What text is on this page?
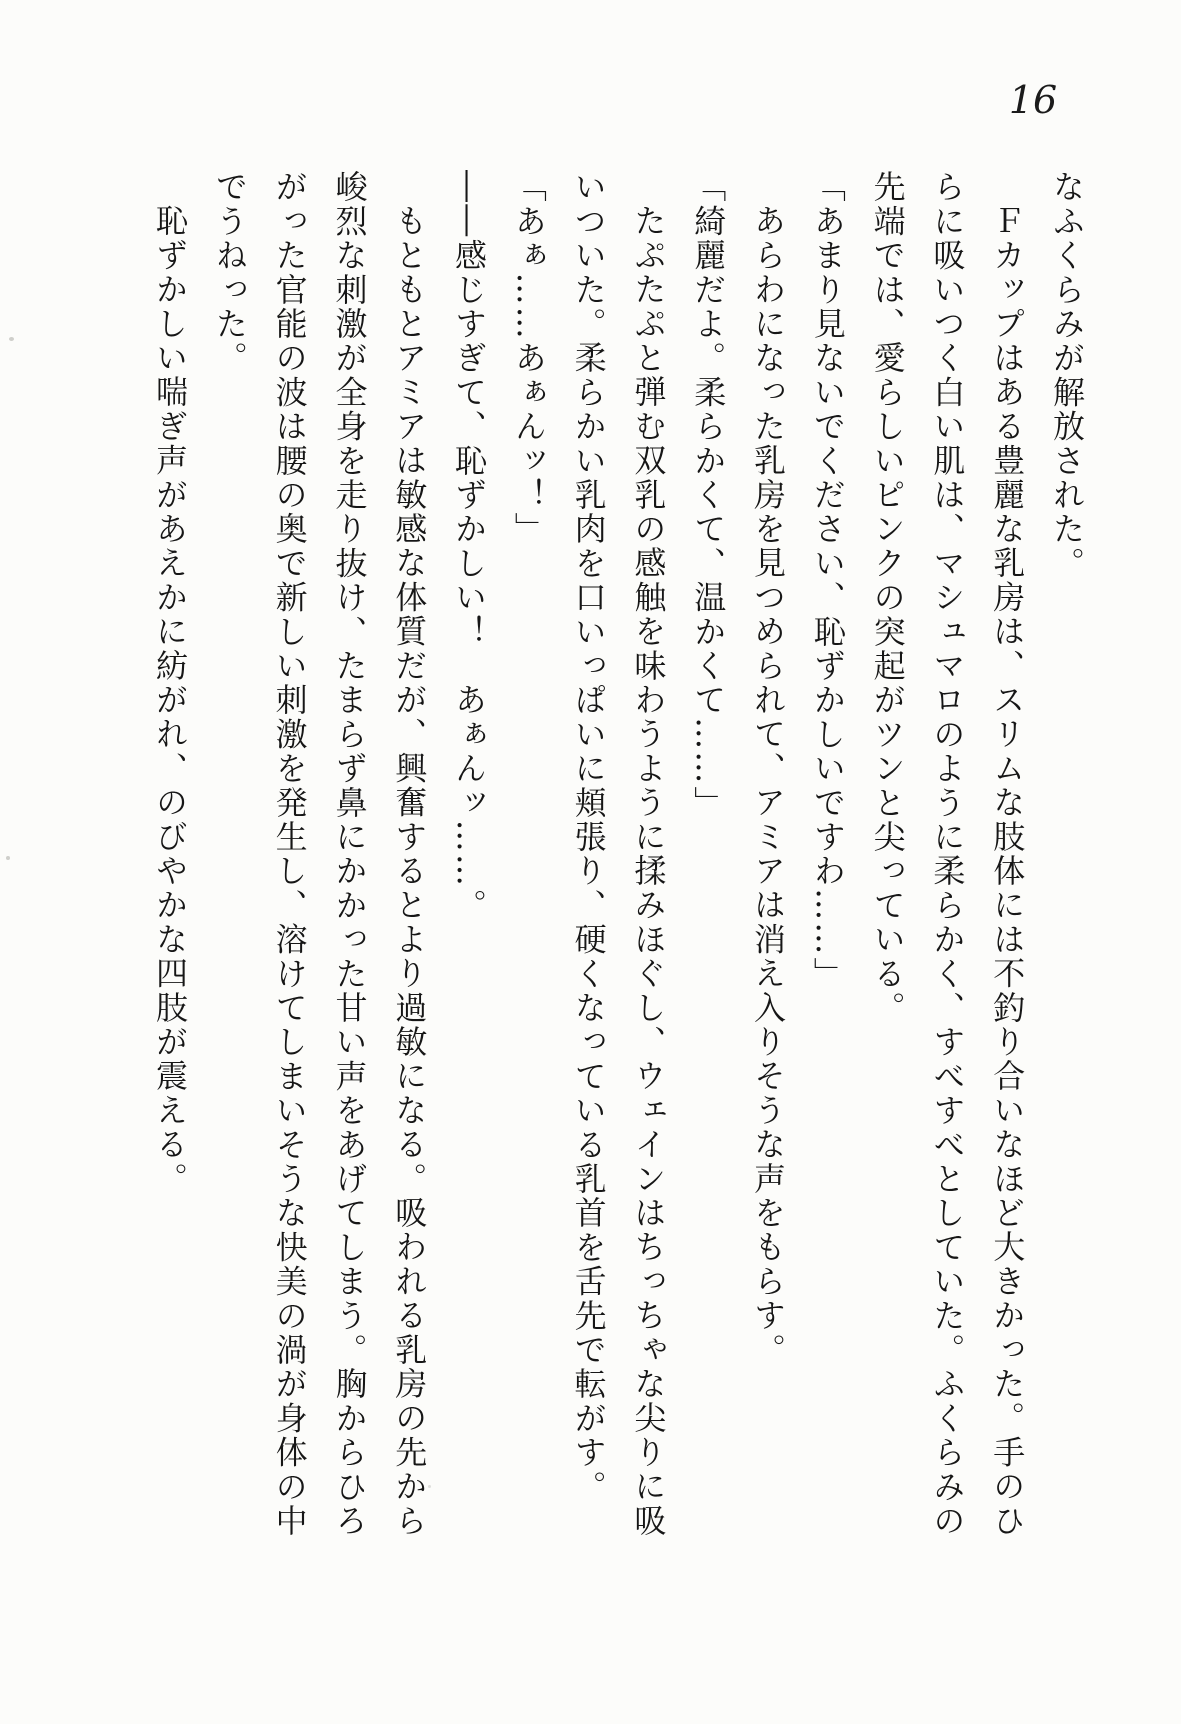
16

なふくらみが解放された。

Ｆカップはある豊麗な乳房は、スリムな肢体には不釣り合いなほど大きかった。手のひらに吸いつく白い肌は、マシュマロのように柔らかく、すべすべとしていた。ふくらみの先端では、愛らしいピンクの突起がツンと尖っている。

「あまり見ないでください、恥ずかしいですわ……」

あらわになった乳房を見つめられて、アミアは消え入りそうな声をもらす。

「綺麗だよ。柔らかくて、温かくて……」

たぷたぷと弾む双乳の感触を味わうように揉みほぐし、ウェインはちっちゃな尖りに吸いついた。柔らかい乳肉を口いっぱいに頬張り、硬くなっている乳首を舌先で転がす。

「あぁ……あぁんッ！」

――感じすぎて、恥ずかしい！　あぁんッ……。

もともとアミアは敏感な体質だが、興奮するとより過敏になる。吸われる乳房の先から峻烈な刺激が全身を走り抜け、たまらず鼻にかかった甘い声をあげてしまう。胸からひろがった官能の波は腰の奥で新しい刺激を発生し、溶けてしまいそうな快美の渦が身体の中でうねった。

恥ずかしい喘ぎ声があえかに紡がれ、のびやかな四肢が震える。
